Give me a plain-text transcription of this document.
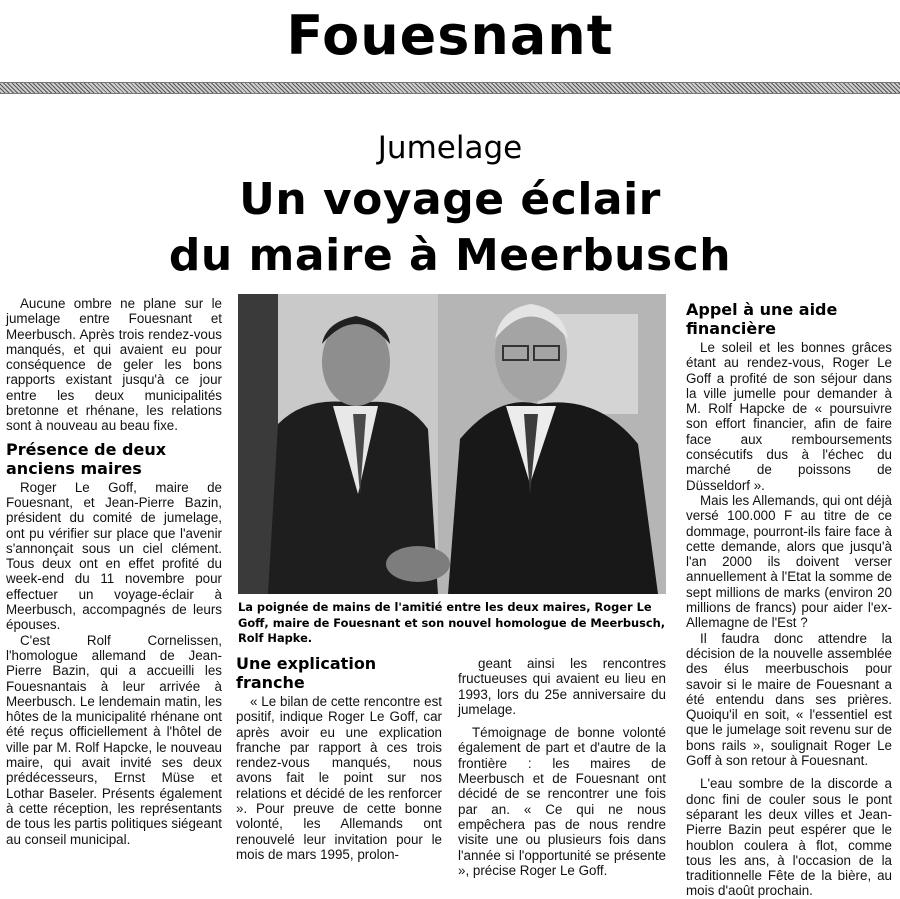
Fouesnant
Jumelage
Un voyage éclair
du maire à Meerbusch

Aucune ombre ne plane sur le jumelage entre Fouesnant et Meerbusch. Après trois rendez-vous manqués, et qui avaient eu pour conséquence de geler les bons rapports existant jusqu'à ce jour entre les deux municipalités bretonne et rhénane, les relations sont à nouveau au beau fixe.

Présence de deux anciens maires

Roger Le Goff, maire de Fouesnant, et Jean-Pierre Bazin, président du comité de jumelage, ont pu vérifier sur place que l'avenir s'annonçait sous un ciel clément. Tous deux ont en effet profité du week-end du 11 novembre pour effectuer un voyage-éclair à Meerbusch, accompagnés de leurs épouses.

C'est Rolf Cornelissen, l'homologue allemand de Jean-Pierre Bazin, qui a accueilli les Fouesnantais à leur arrivée à Meerbusch. Le lendemain matin, les hôtes de la municipalité rhénane ont été reçus officiellement à l'hôtel de ville par M. Rolf Hapcke, le nouveau maire, qui avait invité ses deux prédécesseurs, Ernst Müse et Lothar Baseler. Présents également à cette réception, les représentants de tous les partis politiques siégeant au conseil municipal.

La poignée de mains de l'amitié entre les deux maires, Roger Le Goff, maire de Fouesnant et son nouvel homologue de Meerbusch, Rolf Hapke.
Une explication franche

« Le bilan de cette rencontre est positif, indique Roger Le Goff, car après avoir eu une explication franche par rapport à ces trois rendez-vous manqués, nous avons fait le point sur nos relations et décidé de les renforcer ». Pour preuve de cette bonne volonté, les Allemands ont renouvelé leur invitation pour le mois de mars 1995, prolon-

geant ainsi les rencontres fructueuses qui avaient eu lieu en 1993, lors du 25e anniversaire du jumelage.

Témoignage de bonne volonté également de part et d'autre de la frontière : les maires de Meerbusch et de Fouesnant ont décidé de se rencontrer une fois par an. « Ce qui ne nous empêchera pas de nous rendre visite une ou plusieurs fois dans l'année si l'opportunité se présente », précise Roger Le Goff.

Appel à une aide financière

Le soleil et les bonnes grâces étant au rendez-vous, Roger Le Goff a profité de son séjour dans la ville jumelle pour demander à M. Rolf Hapcke de « poursuivre son effort financier, afin de faire face aux remboursements consécutifs dus à l'échec du marché de poissons de Düsseldorf ».

Mais les Allemands, qui ont déjà versé 100.000 F au titre de ce dommage, pourront-ils faire face à cette demande, alors que jusqu'à l'an 2000 ils doivent verser annuellement à l'Etat la somme de sept millions de marks (environ 20 millions de francs) pour aider l'ex-Allemagne de l'Est ?

Il faudra donc attendre la décision de la nouvelle assemblée des élus meerbuschois pour savoir si le maire de Fouesnant a été entendu dans ses prières. Quoiqu'il en soit, « l'essentiel est que le jumelage soit revenu sur de bons rails », soulignait Roger Le Goff à son retour à Fouesnant.

L'eau sombre de la discorde a donc fini de couler sous le pont séparant les deux villes et Jean-Pierre Bazin peut espérer que le houblon coulera à flot, comme tous les ans, à l'occasion de la traditionnelle Fête de la bière, au mois d'août prochain.
